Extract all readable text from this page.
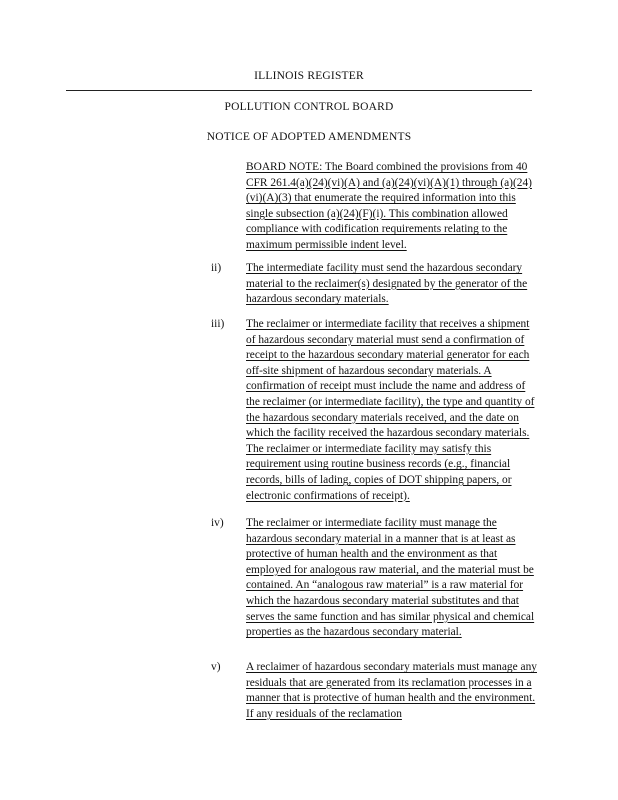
ILLINOIS REGISTER
POLLUTION CONTROL BOARD
NOTICE OF ADOPTED AMENDMENTS
BOARD NOTE: The Board combined the provisions from 40 CFR 261.4(a)(24)(vi)(A) and (a)(24)(vi)(A)(1) through (a)(24)(vi)(A)(3) that enumerate the required information into this single subsection (a)(24)(F)(i). This combination allowed compliance with codification requirements relating to the maximum permissible indent level.
ii)	The intermediate facility must send the hazardous secondary material to the reclaimer(s) designated by the generator of the hazardous secondary materials.
iii)	The reclaimer or intermediate facility that receives a shipment of hazardous secondary material must send a confirmation of receipt to the hazardous secondary material generator for each off-site shipment of hazardous secondary materials. A confirmation of receipt must include the name and address of the reclaimer (or intermediate facility), the type and quantity of the hazardous secondary materials received, and the date on which the facility received the hazardous secondary materials. The reclaimer or intermediate facility may satisfy this requirement using routine business records (e.g., financial records, bills of lading, copies of DOT shipping papers, or electronic confirmations of receipt).
iv)	The reclaimer or intermediate facility must manage the hazardous secondary material in a manner that is at least as protective of human health and the environment as that employed for analogous raw material, and the material must be contained. An “analogous raw material” is a raw material for which the hazardous secondary material substitutes and that serves the same function and has similar physical and chemical properties as the hazardous secondary material.
v)	A reclaimer of hazardous secondary materials must manage any residuals that are generated from its reclamation processes in a manner that is protective of human health and the environment. If any residuals of the reclamation
